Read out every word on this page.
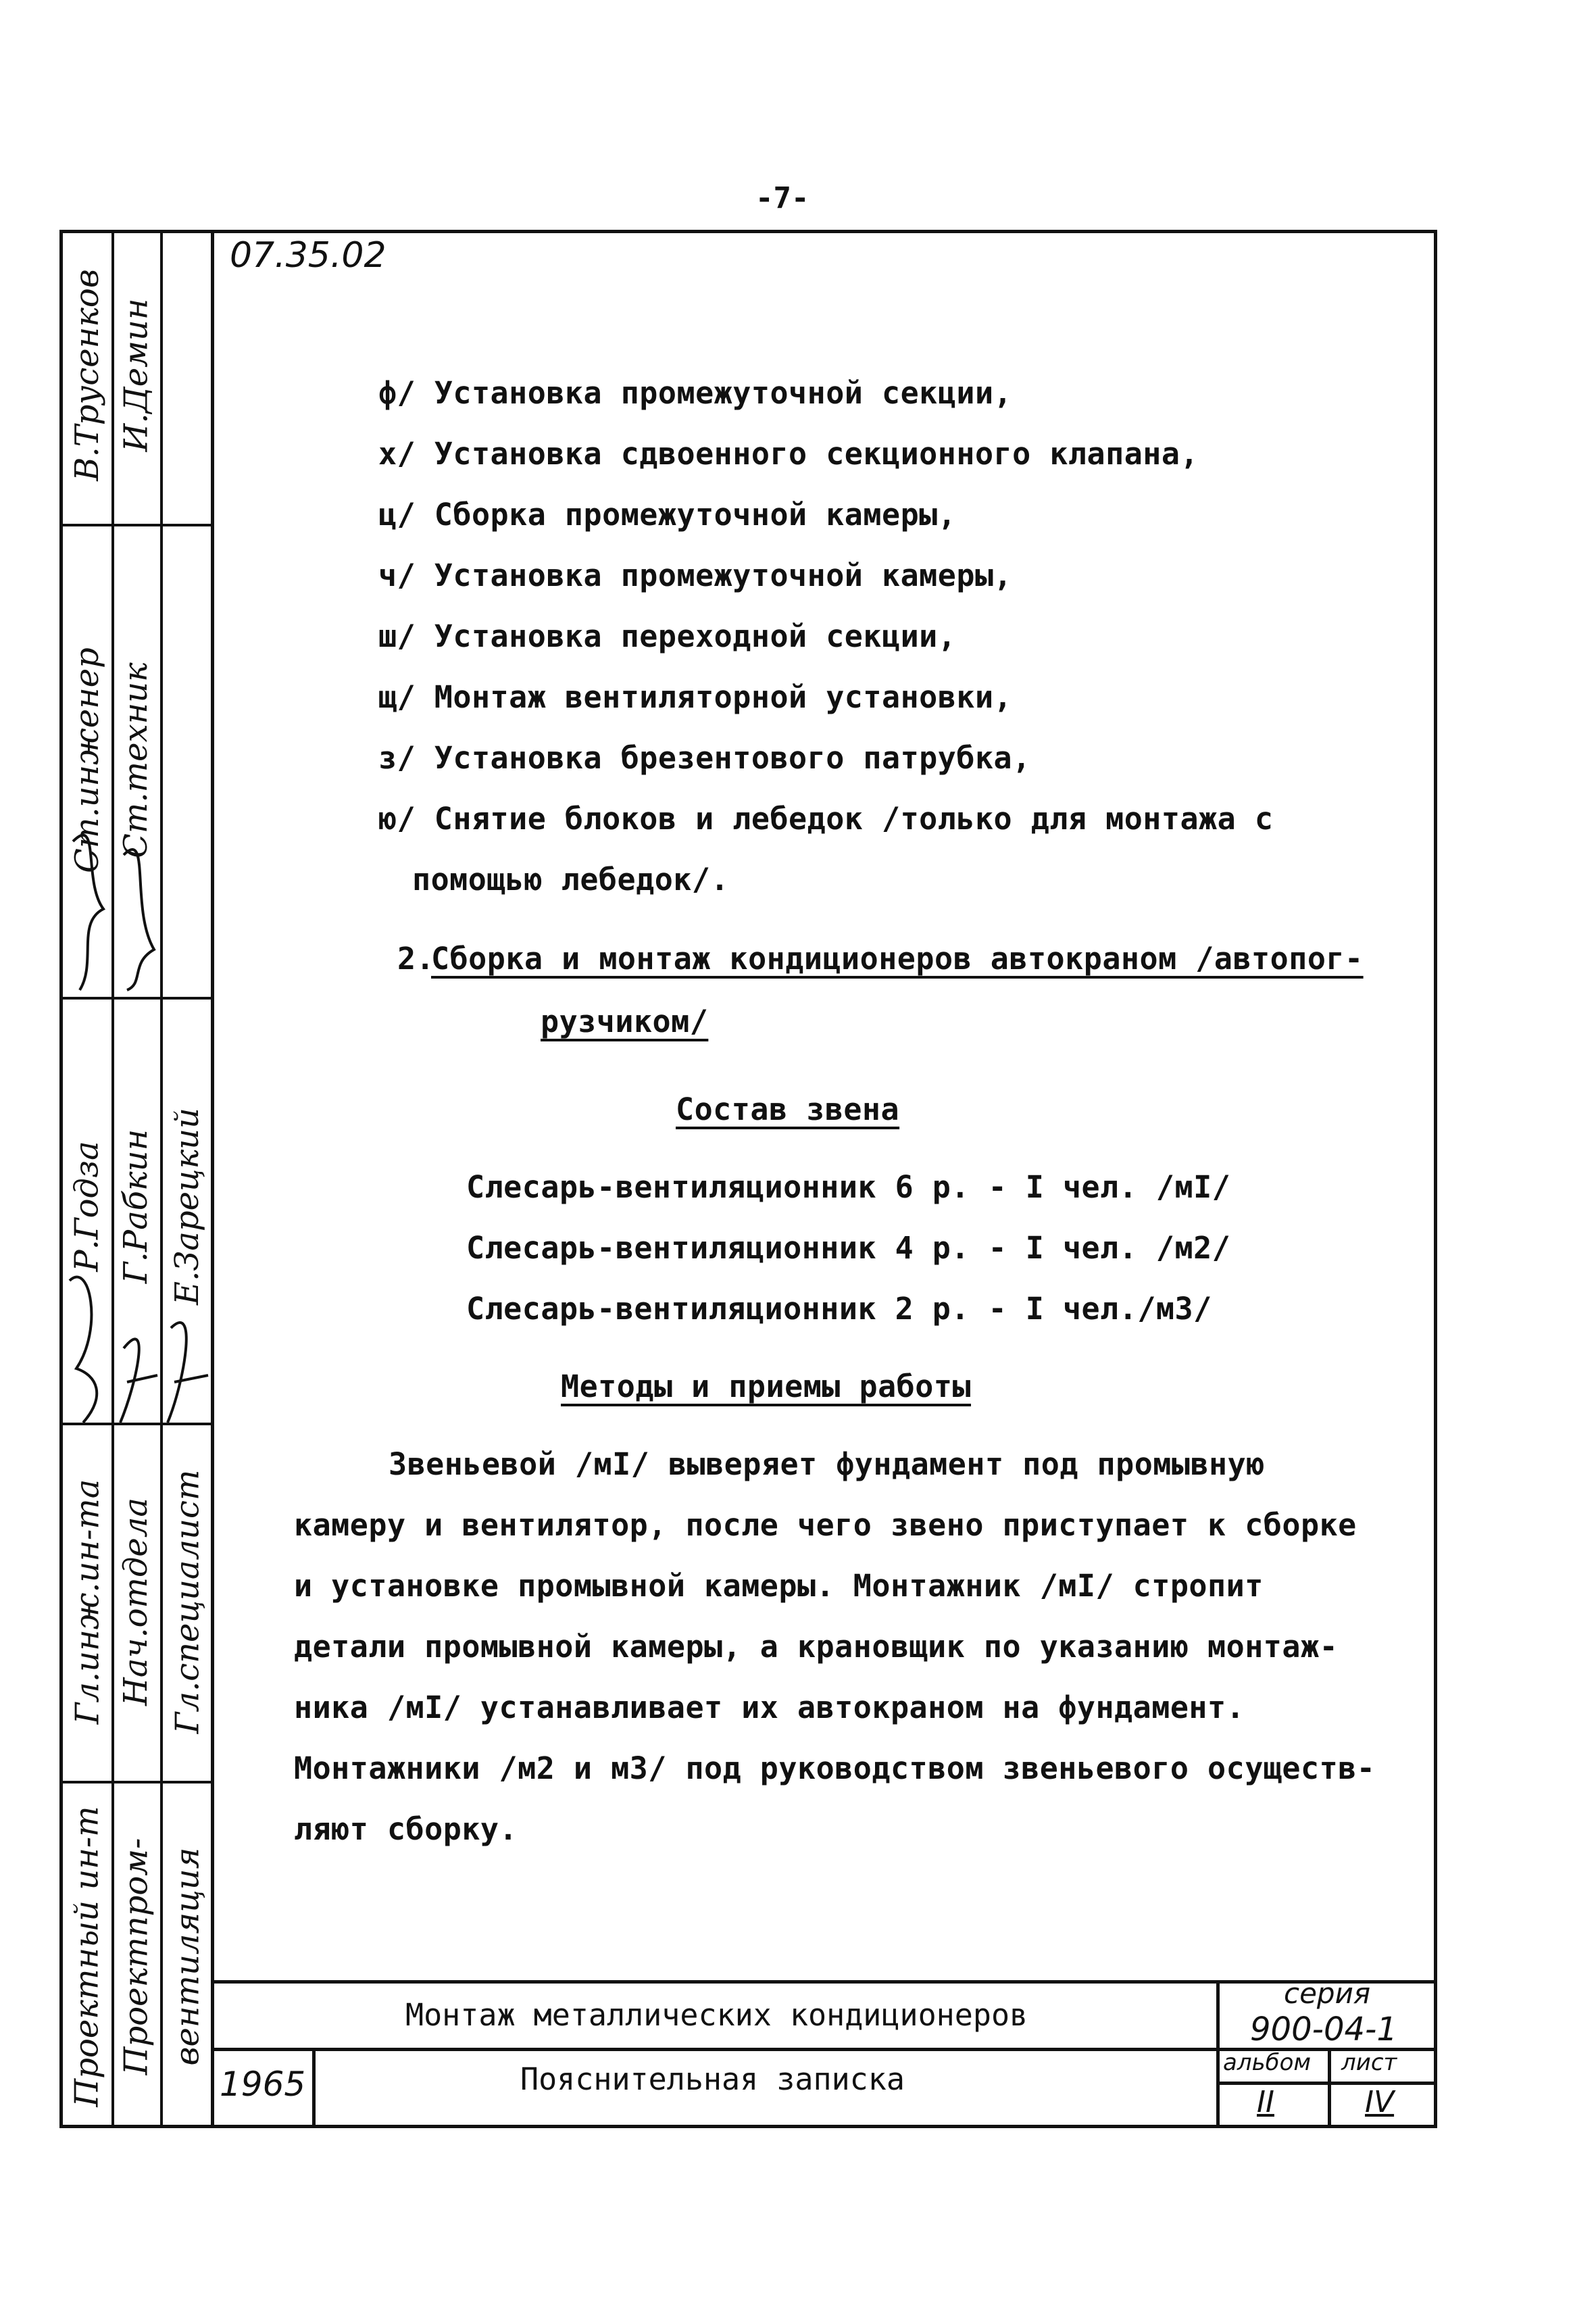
-7-
Проектный ин-т
Гл.инж.ин-та
Р.Годза
Ст.инженер
В.Трусенков
Проектпром-
Нач.отдела
Г.Рабкин
Ст.техник
И.Демин
вентиляция
Гл.специалист
Е.Зарецкий
07.35.02
ф/ Установка промежуточной секции,
х/ Установка сдвоенного секционного клапана,
ц/ Сборка промежуточной камеры,
ч/ Установка промежуточной камеры,
ш/ Установка переходной секции,
щ/ Монтаж вентиляторной установки,
з/ Установка брезентового патрубка,
ю/ Снятие блоков и лебедок /только для монтажа с
помощью лебедок/.
2.
Сборка и монтаж кондиционеров автокраном /автопог-
рузчиком/
Состав звена
Слесарь-вентиляционник 6 р. - I чел. /мI/
Слесарь-вентиляционник 4 р. - I чел. /м2/
Слесарь-вентиляционник 2 р. - I чел./м3/
Методы и приемы работы
Звеньевой /мI/ выверяет фундамент под промывную
камеру и вентилятор, после чего звено приступает к сборке
и установке промывной камеры. Монтажник /мI/ стропит
детали промывной камеры, а крановщик по указанию монтаж-
ника /мI/ устанавливает их автокраном на фундамент.
Монтажники /м2 и м3/ под руководством звеньевого осуществ-
ляют сборку.
Монтаж металлических кондиционеров
Пояснительная записка
1965
серия
900-04-1
альбом
II
лист
IV
